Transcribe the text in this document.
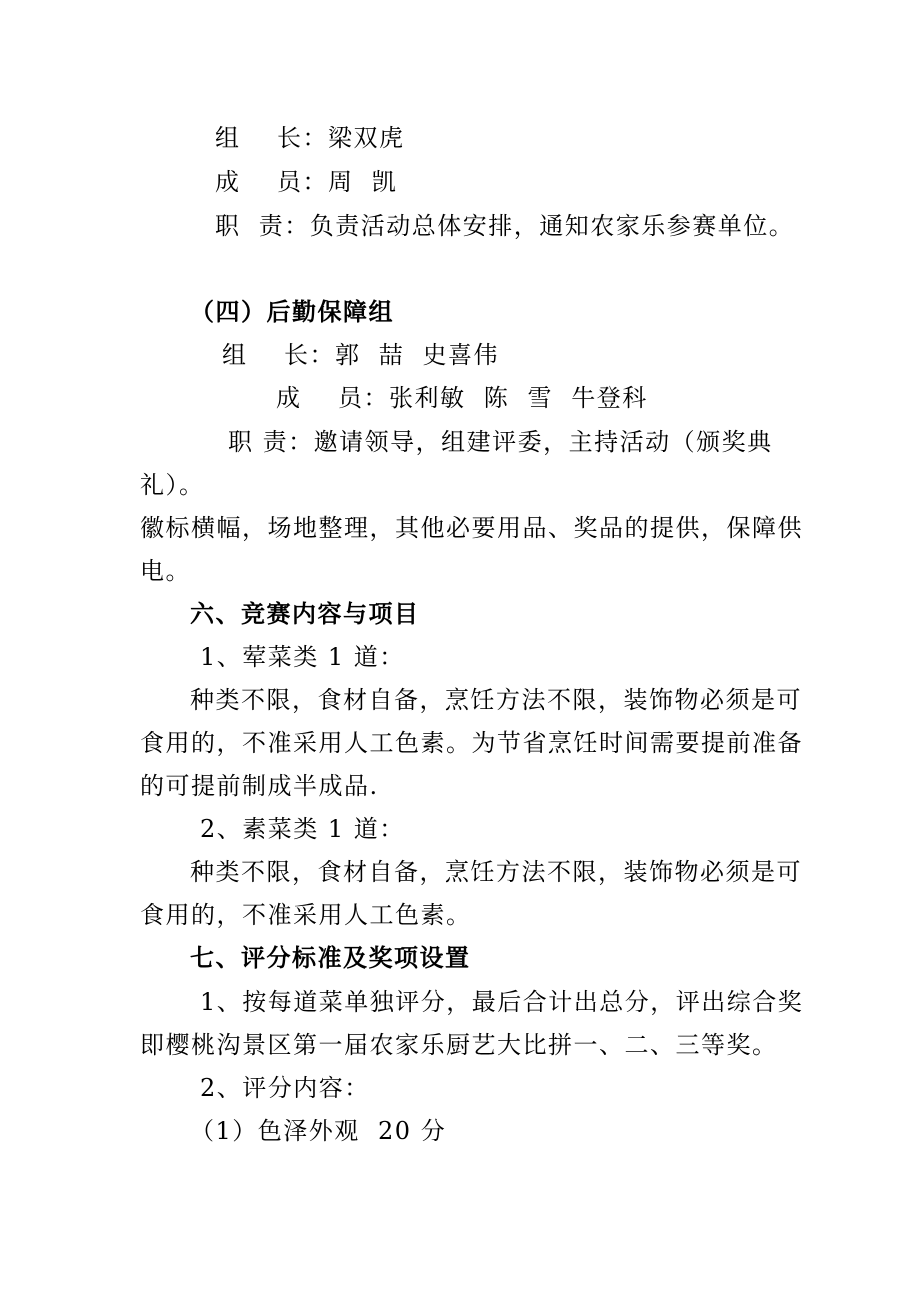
组    长：梁双虎
成    员：周  凯
职  责：负责活动总体安排，通知农家乐参赛单位。
（四）后勤保障组
组    长：郭  喆  史喜伟
成    员：张利敏  陈  雪  牛登科
职 责：邀请领导，组建评委，主持活动（颁奖典
礼）。
徽标横幅，场地整理，其他必要用品、奖品的提供，保障供
电。
六、竞赛内容与项目
1、荤菜类 1 道：
种类不限，食材自备，烹饪方法不限，装饰物必须是可
食用的，不准采用人工色素。为节省烹饪时间需要提前准备
的可提前制成半成品.
2、素菜类 1 道：
种类不限，食材自备，烹饪方法不限，装饰物必须是可
食用的，不准采用人工色素。
七、评分标准及奖项设置
1、按每道菜单独评分，最后合计出总分，评出综合奖
即樱桃沟景区第一届农家乐厨艺大比拼一、二、三等奖。
2、评分内容：
（1）色泽外观  20 分
